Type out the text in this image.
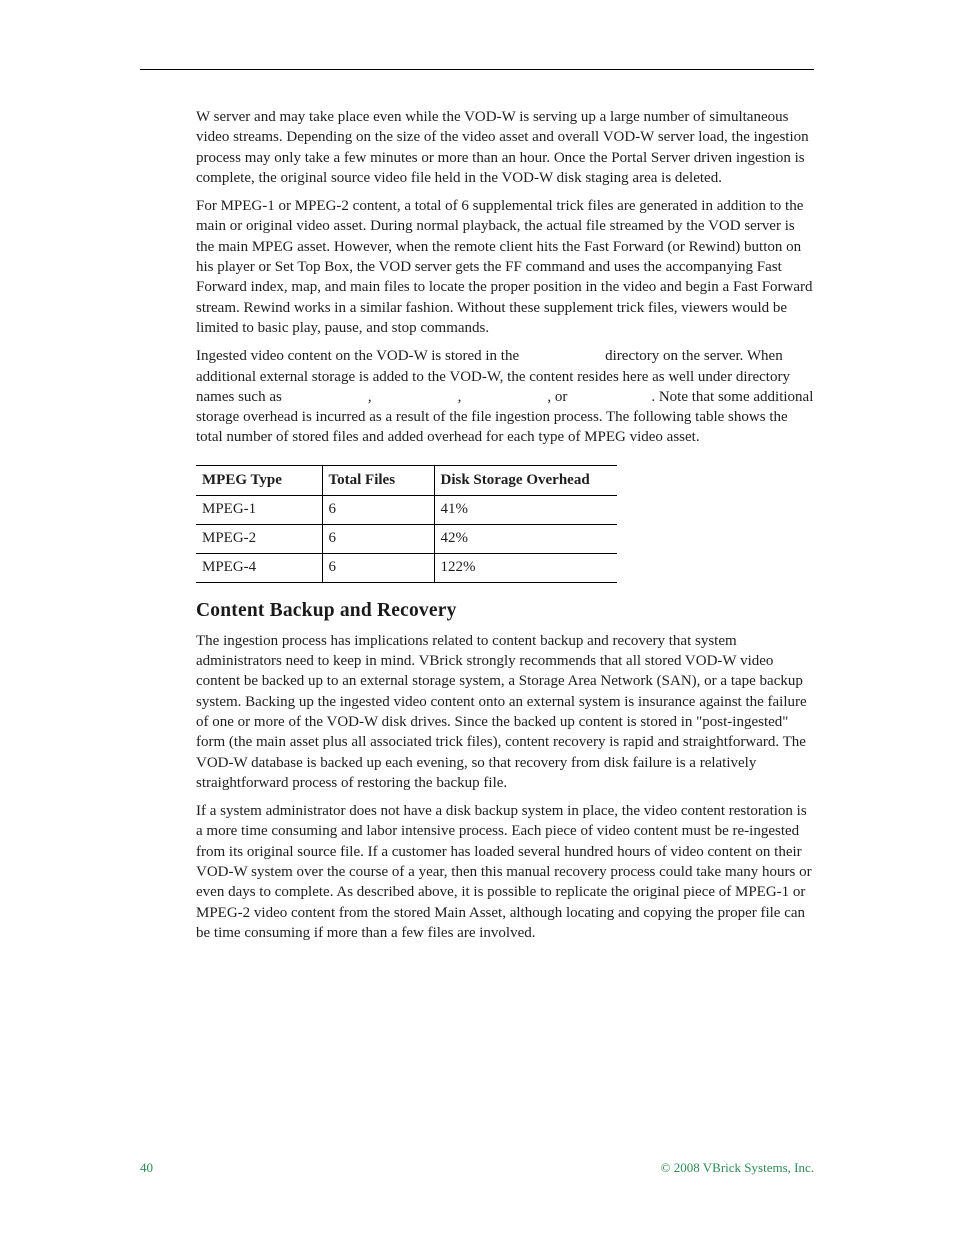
W server and may take place even while the VOD-W is serving up a large number of simultaneous video streams. Depending on the size of the video asset and overall VOD-W server load, the ingestion process may only take a few minutes or more than an hour. Once the Portal Server driven ingestion is complete, the original source video file held in the VOD-W disk staging area is deleted.

For MPEG-1 or MPEG-2 content, a total of 6 supplemental trick files are generated in addition to the main or original video asset. During normal playback, the actual file streamed by the VOD server is the main MPEG asset. However, when the remote client hits the Fast Forward (or Rewind) button on his player or Set Top Box, the VOD server gets the FF command and uses the accompanying Fast Forward index, map, and main files to locate the proper position in the video and begin a Fast Forward stream. Rewind works in a similar fashion. Without these supplement trick files, viewers would be limited to basic play, pause, and stop commands.

Ingested video content on the VOD-W is stored in the	directory on the server. When additional external storage is added to the VOD-W, the content resides here as well under directory names such as	,	,	, or	. Note that some additional storage overhead is incurred as a result of the file ingestion process. The following table shows the total number of stored files and added overhead for each type of MPEG video asset.

MPEG Type	Total Files	Disk Storage Overhead
MPEG-1	6	41%
MPEG-2	6	42%
MPEG-4	6	122%
Content Backup and Recovery

The ingestion process has implications related to content backup and recovery that system administrators need to keep in mind. VBrick strongly recommends that all stored VOD-W video content be backed up to an external storage system, a Storage Area Network (SAN), or a tape backup system. Backing up the ingested video content onto an external system is insurance against the failure of one or more of the VOD-W disk drives. Since the backed up content is stored in "post-ingested" form (the main asset plus all associated trick files), content recovery is rapid and straightforward. The VOD-W database is backed up each evening, so that recovery from disk failure is a relatively straightforward process of restoring the backup file.

If a system administrator does not have a disk backup system in place, the video content restoration is a more time consuming and labor intensive process. Each piece of video content must be re-ingested from its original source file. If a customer has loaded several hundred hours of video content on their VOD-W system over the course of a year, then this manual recovery process could take many hours or even days to complete. As described above, it is possible to replicate the original piece of MPEG-1 or MPEG-2 video content from the stored Main Asset, although locating and copying the proper file can be time consuming if more than a few files are involved.

40	© 2008 VBrick Systems, Inc.
